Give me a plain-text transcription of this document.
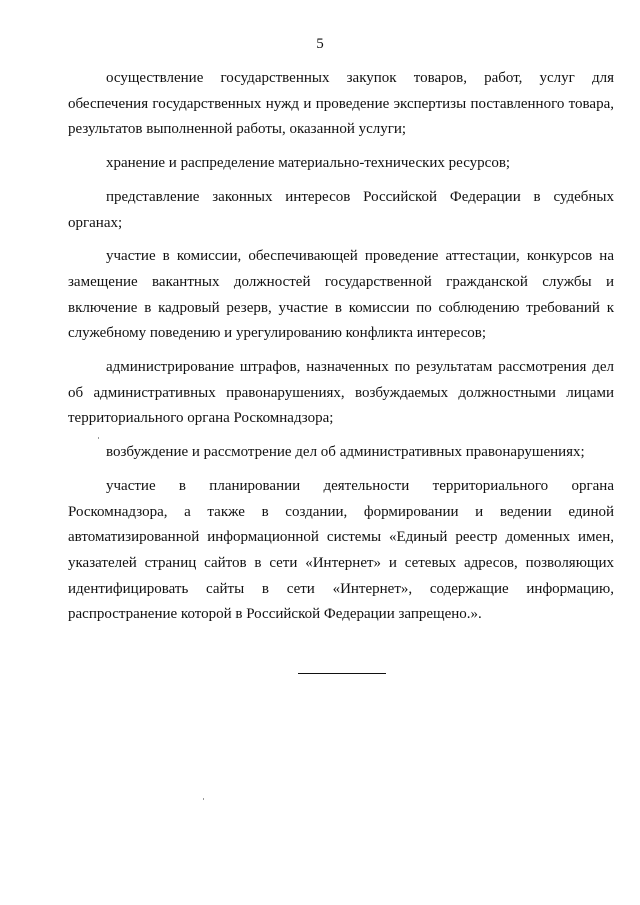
5

осуществление государственных закупок товаров, работ, услуг для обеспечения государственных нужд и проведение экспертизы поставленного товара, результатов выполненной работы, оказанной услуги;

хранение и распределение материально-технических ресурсов;

представление законных интересов Российской Федерации в судебных органах;

участие в комиссии, обеспечивающей проведение аттестации, конкурсов на замещение вакантных должностей государственной гражданской службы и включение в кадровый резерв, участие в комиссии по соблюдению требований к служебному поведению и урегулированию конфликта интересов;

администрирование штрафов, назначенных по результатам рассмотрения дел об административных правонарушениях, возбуждаемых должностными лицами территориального органа Роскомнадзора;

возбуждение и рассмотрение дел об административных правонарушениях;

участие в планировании деятельности территориального органа Роскомнадзора, а также в создании, формировании и ведении единой автоматизированной информационной системы «Единый реестр доменных имен, указателей страниц сайтов в сети «Интернет» и сетевых адресов, позволяющих идентифицировать сайты в сети «Интернет», содержащие информацию, распространение которой в Российской Федерации запрещено.».
